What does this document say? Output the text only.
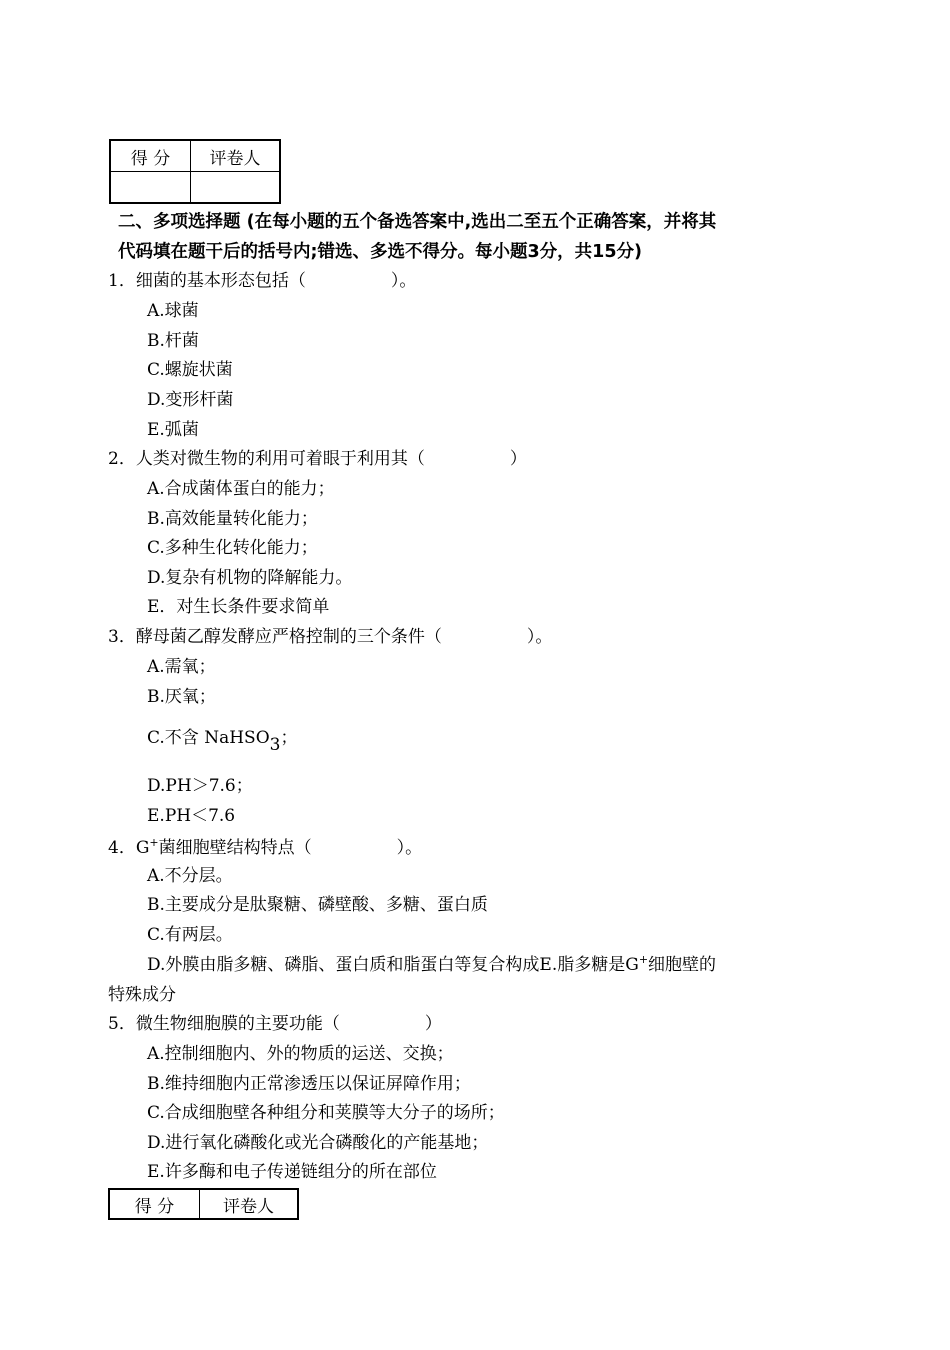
得 分	评卷人

二、多项选择题 (在每小题的五个备选答案中,选出二至五个正确答案，并将其
代码填在题干后的括号内;错选、多选不得分。每小题3分，共15分)
1．细菌的基本形态包括（　　　　　）。
A.球菌
B.杆菌
C.螺旋状菌
D.变形杆菌
E.弧菌
2．人类对微生物的利用可着眼于利用其（　　　　　）
A.合成菌体蛋白的能力；
B.高效能量转化能力；
C.多种生化转化能力；
D.复杂有机物的降解能力。
E．对生长条件要求简单
3．酵母菌乙醇发酵应严格控制的三个条件（　　　　　）。
A.需氧；
B.厌氧；
C.不含 NaHSO3；
D.PH＞7.6；
E.PH＜7.6
4．G+菌细胞壁结构特点（　　　　　）。
A.不分层。
B.主要成分是肽聚糖、磷壁酸、多糖、蛋白质
C.有两层。
D.外膜由脂多糖、磷脂、蛋白质和脂蛋白等复合构成E.脂多糖是G+细胞壁的
特殊成分
5．微生物细胞膜的主要功能（　　　　　）
A.控制细胞内、外的物质的运送、交换；
B.维持细胞内正常渗透压以保证屏障作用；
C.合成细胞壁各种组分和荚膜等大分子的场所；
D.进行氧化磷酸化或光合磷酸化的产能基地；
E.许多酶和电子传递链组分的所在部位
得 分	评卷人
